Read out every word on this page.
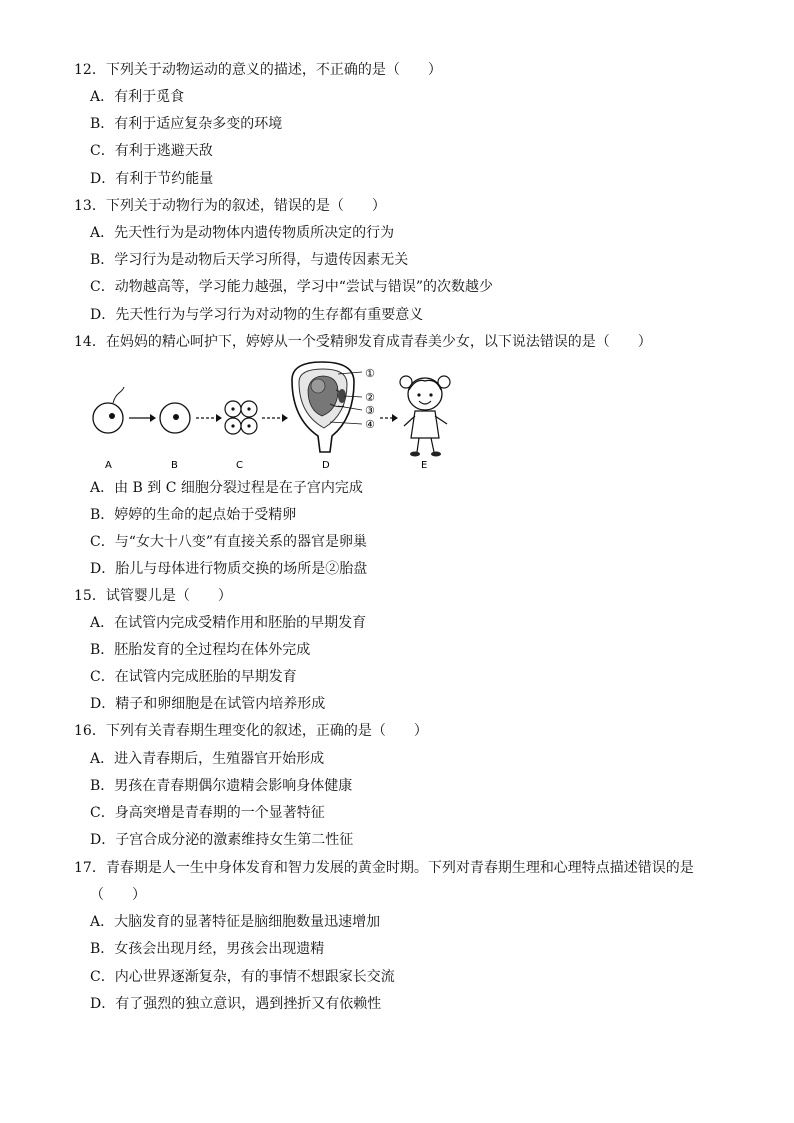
12．下列关于动物运动的意义的描述，不正确的是（　　）
A．有利于觅食
B．有利于适应复杂多变的环境
C．有利于逃避天敌
D．有利于节约能量
13．下列关于动物行为的叙述，错误的是（　　）
A．先天性行为是动物体内遗传物质所决定的行为
B．学习行为是动物后天学习所得，与遗传因素无关
C．动物越高等，学习能力越强，学习中“尝试与错误”的次数越少
D．先天性行为与学习行为对动物的生存都有重要意义
14．在妈妈的精心呵护下，婷婷从一个受精卵发育成青春美少女，以下说法错误的是（　　）
①
②
③
④
A	B	C	D	E
A．由 B 到 C 细胞分裂过程是在子宫内完成
B．婷婷的生命的起点始于受精卵
C．与“女大十八变”有直接关系的器官是卵巢
D．胎儿与母体进行物质交换的场所是②胎盘
15．试管婴儿是（　　）
A．在试管内完成受精作用和胚胎的早期发育
B．胚胎发育的全过程均在体外完成
C．在试管内完成胚胎的早期发育
D．精子和卵细胞是在试管内培养形成
16．下列有关青春期生理变化的叙述，正确的是（　　）
A．进入青春期后，生殖器官开始形成
B．男孩在青春期偶尔遗精会影响身体健康
C．身高突增是青春期的一个显著特征
D．子宫合成分泌的激素维持女生第二性征
17．青春期是人一生中身体发育和智力发展的黄金时期。下列对青春期生理和心理特点描述错误的是
（　　）
A．大脑发育的显著特征是脑细胞数量迅速增加
B．女孩会出现月经，男孩会出现遗精
C．内心世界逐渐复杂，有的事情不想跟家长交流
D．有了强烈的独立意识，遇到挫折又有依赖性
